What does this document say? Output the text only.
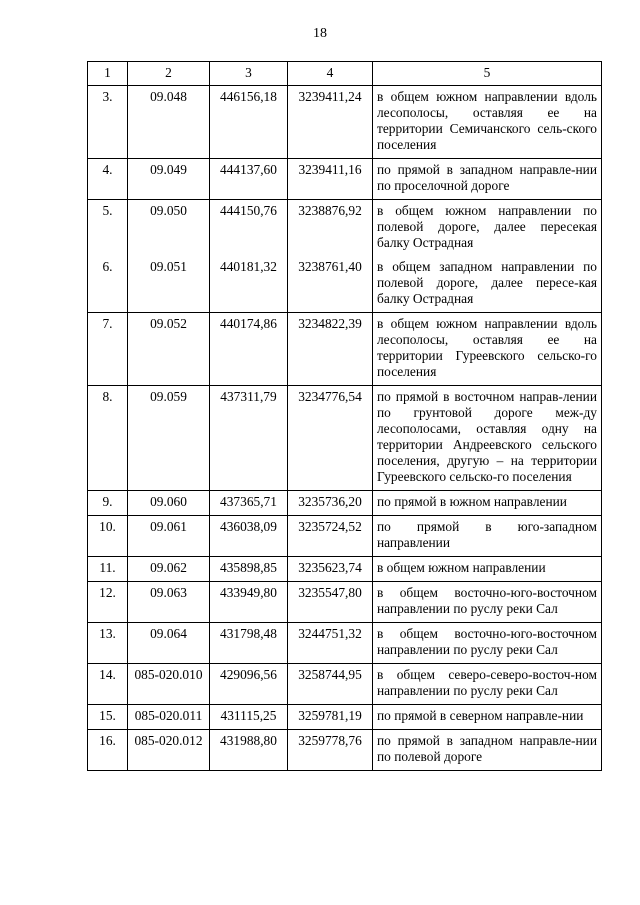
18
1	2	3	4	5
3.	09.048	446156,18	3239411,24	в общем южном направлении вдоль лесополосы, оставляя ее на территории Семичанского сель-ского поселения
4.	09.049	444137,60	3239411,16	по прямой в западном направле-нии по проселочной дороге
5.	09.050	444150,76	3238876,92	в общем южном направлении по полевой дороге, далее пересекая балку Острадная
6.	09.051	440181,32	3238761,40	в общем западном направлении по полевой дороге, далее пересе-кая балку Острадная
7.	09.052	440174,86	3234822,39	в общем южном направлении вдоль лесополосы, оставляя ее на территории Гуреевского сельско-го поселения
8.	09.059	437311,79	3234776,54	по прямой в восточном направ-лении по грунтовой дороге меж-ду лесополосами, оставляя одну на территории Андреевского сельского поселения, другую – на территории Гуреевского сельско-го поселения
9.	09.060	437365,71	3235736,20	по прямой в южном направлении
10.	09.061	436038,09	3235724,52	по прямой в юго-западном направлении
11.	09.062	435898,85	3235623,74	в общем южном направлении
12.	09.063	433949,80	3235547,80	в общем восточно-юго-восточном направлении по руслу реки Сал
13.	09.064	431798,48	3244751,32	в общем восточно-юго-восточном направлении по руслу реки Сал
14.	085-020.010	429096,56	3258744,95	в общем северо-северо-восточ-ном направлении по руслу реки Сал
15.	085-020.011	431115,25	3259781,19	по прямой в северном направле-нии
16.	085-020.012	431988,80	3259778,76	по прямой в западном направле-нии по полевой дороге
